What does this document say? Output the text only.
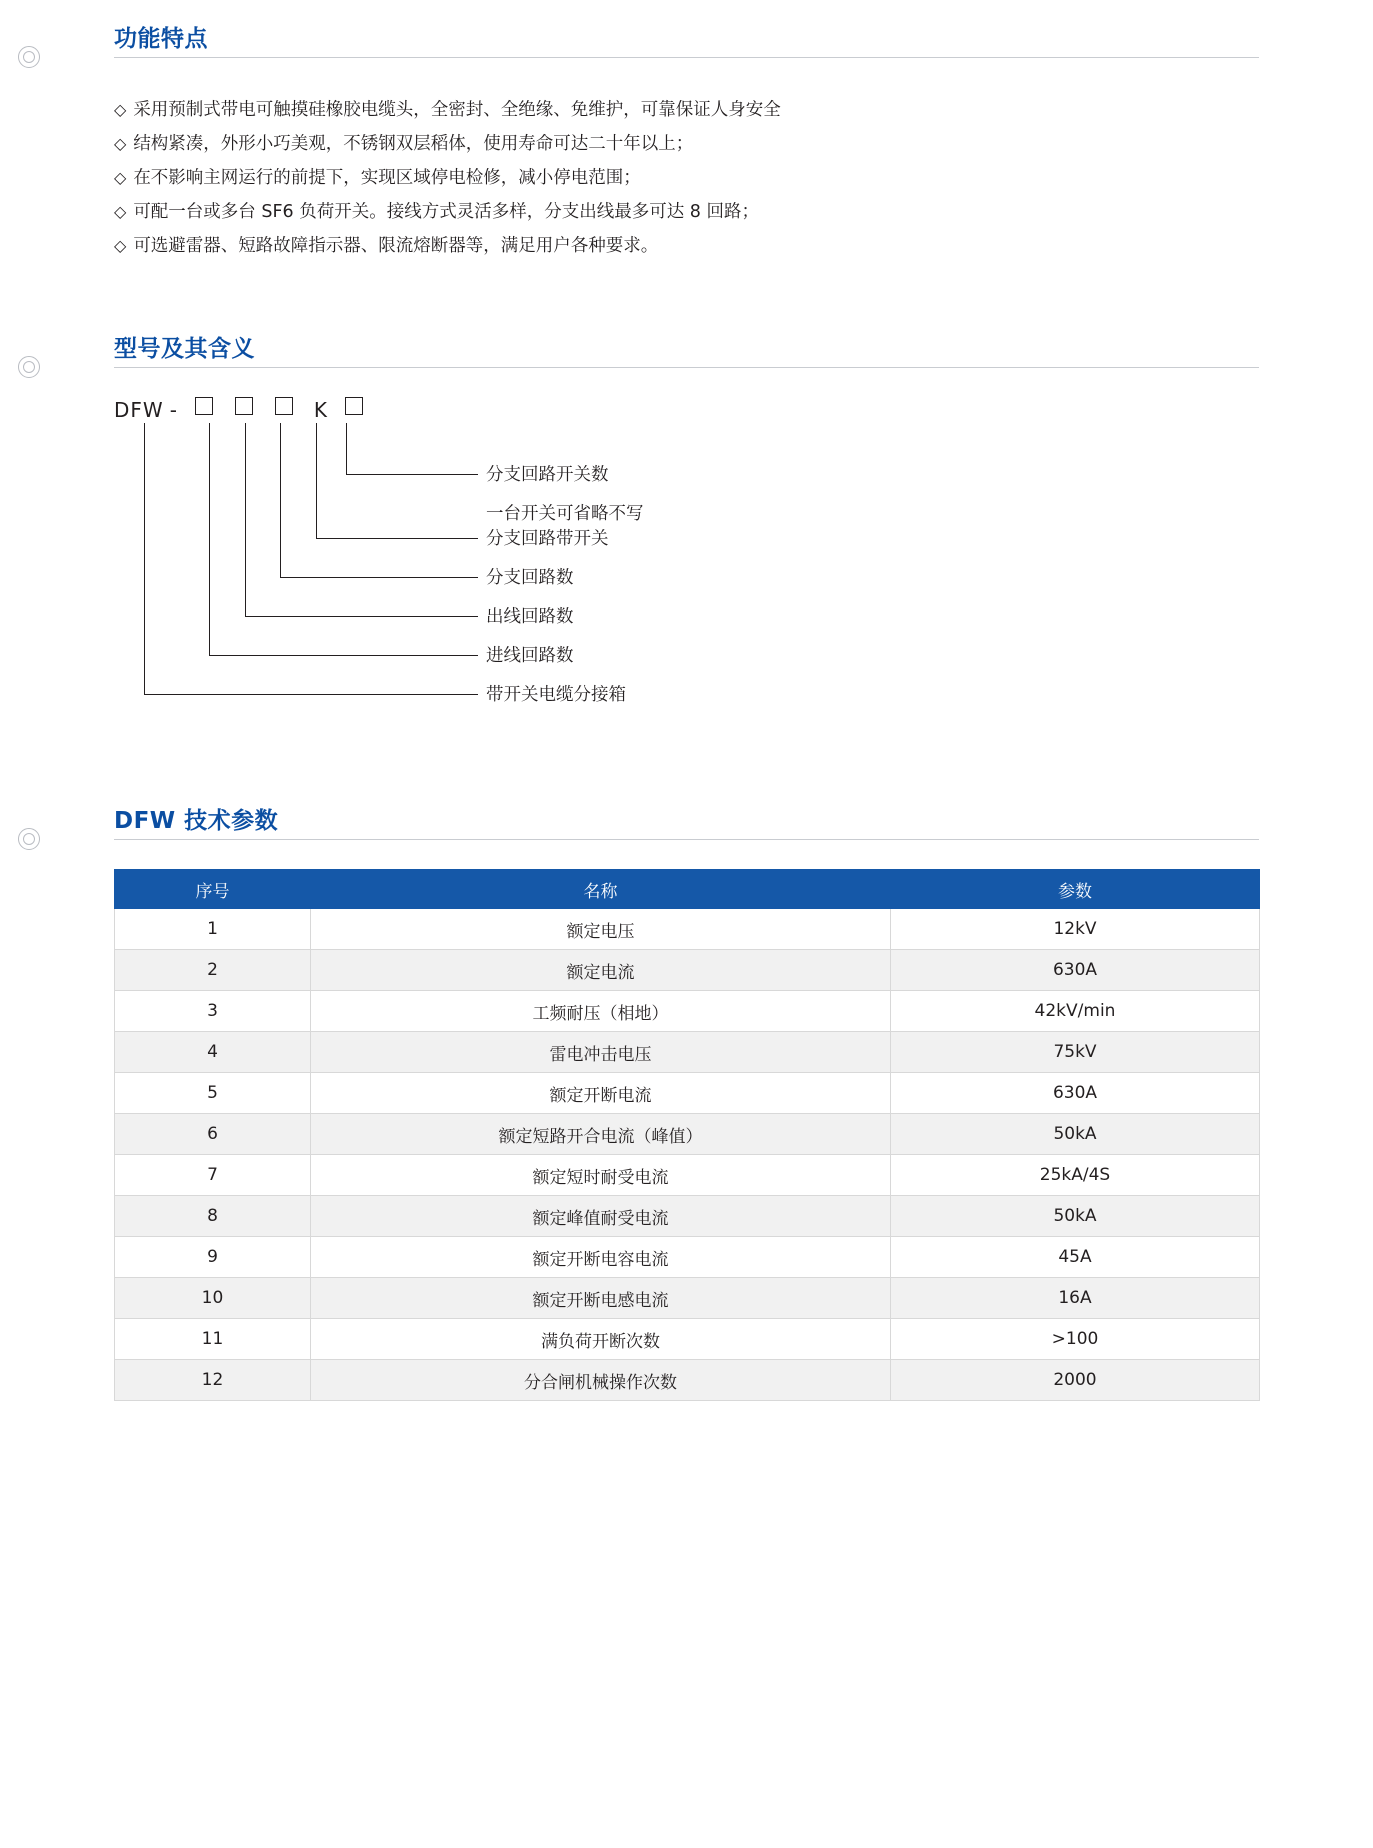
功能特点
◇ 采用预制式带电可触摸硅橡胶电缆头，全密封、全绝缘、免维护，可靠保证人身安全
◇ 结构紧凑，外形小巧美观，不锈钢双层稻体，使用寿命可达二十年以上；
◇ 在不影响主网运行的前提下，实现区域停电检修，减小停电范围；
◇ 可配一台或多台 SF6 负荷开关。接线方式灵活多样，分支出线最多可达 8 回路；
◇ 可选避雷器、短路故障指示器、限流熔断器等，满足用户各种要求。
型号及其含义
DFW -	K
分支回路开关数
一台开关可省略不写
分支回路带开关
分支回路数
出线回路数
进线回路数
带开关电缆分接箱
DFW 技术参数
序号	名称	参数
1	额定电压	12kV
2	额定电流	630A
3	工频耐压（相地）	42kV/min
4	雷电冲击电压	75kV
5	额定开断电流	630A
6	额定短路开合电流（峰值）	50kA
7	额定短时耐受电流	25kA/4S
8	额定峰值耐受电流	50kA
9	额定开断电容电流	45A
10	额定开断电感电流	16A
11	满负荷开断次数	>100
12	分合闸机械操作次数	2000
